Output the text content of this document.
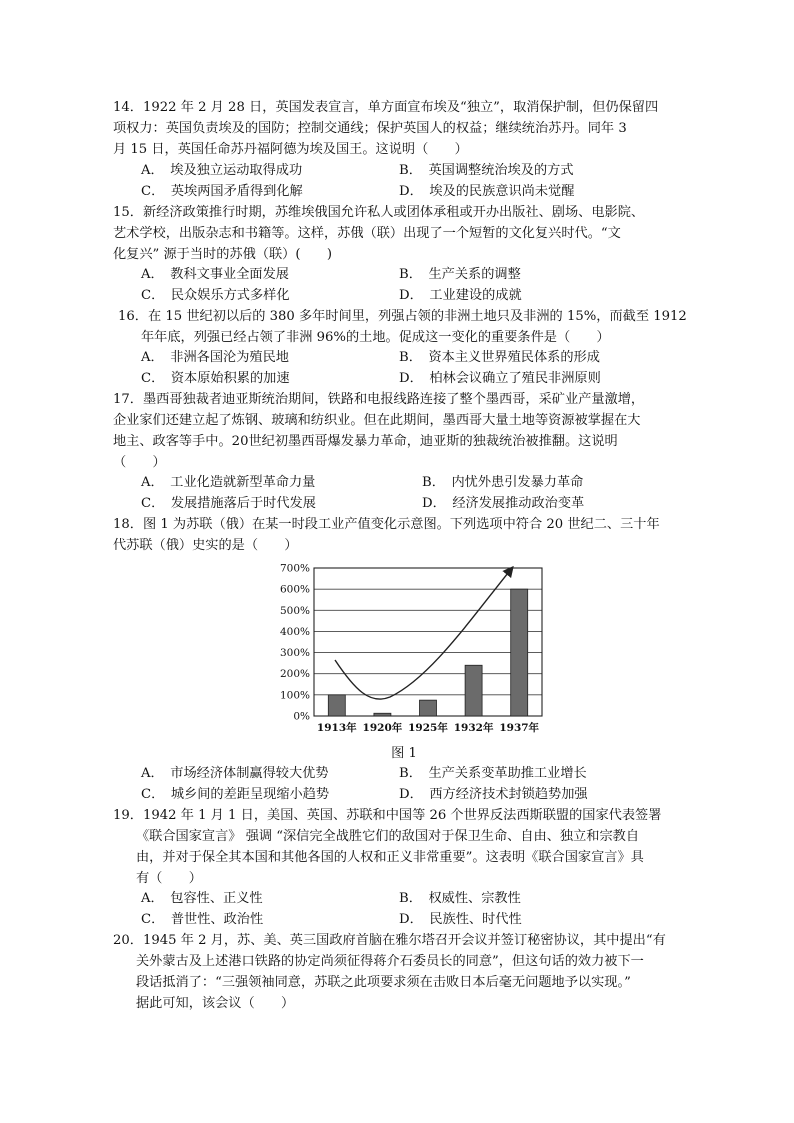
14．1922 年 2 月 28 日，英国发表宣言，单方面宣布埃及“独立”，取消保护制，但仍保留四
项权力：英国负责埃及的国防；控制交通线；保护英国人的权益；继续统治苏丹。同年 3
月 15 日，英国任命苏丹福阿德为埃及国王。这说明（　　）
A．　埃及独立运动取得成功	B．　英国调整统治埃及的方式
C．　英埃两国矛盾得到化解	D．　埃及的民族意识尚未觉醒
15．新经济政策推行时期，苏维埃俄国允许私人或团体承租或开办出版社、剧场、电影院、
艺术学校，出版杂志和书籍等。这样，苏俄（联）出现了一个短暂的文化复兴时代。“文
化复兴” 源于当时的苏俄（联）(　　)
A．　教科文事业全面发展	B．　生产关系的调整
C．　民众娱乐方式多样化	D．　工业建设的成就
16．在 15 世纪初以后的 380 多年时间里，列强占领的非洲土地只及非洲的 15%，而截至 1912
年年底，列强已经占领了非洲 96%的土地。促成这一变化的重要条件是（　　）
A．　非洲各国沦为殖民地	B．　资本主义世界殖民体系的形成
C．　资本原始积累的加速	D．　柏林会议确立了殖民非洲原则
17．墨西哥独裁者迪亚斯统治期间，铁路和电报线路连接了整个墨西哥，采矿业产量激增，
企业家们还建立起了炼钢、玻璃和纺织业。但在此期间，墨西哥大量土地等资源被掌握在大
地主、政客等手中。20世纪初墨西哥爆发暴力革命，迪亚斯的独裁统治被推翻。这说明
（　　）
A．　工业化造就新型革命力量	B．　内忧外患引发暴力革命
C．　发展措施落后于时代发展	D．　经济发展推动政治变革
18．图 1 为苏联（俄）在某一时段工业产值变化示意图。下列选项中符合 20 世纪二、三十年
代苏联（俄）史实的是（　　）
0%
100%
200%
300%
400%
500%
600%
700%
1913年 1920年 1925年 1932年 1937年
图 1
A．　市场经济体制赢得较大优势	B．　生产关系变革助推工业增长
C．　城乡间的差距呈现缩小趋势	D．　西方经济技术封锁趋势加强
19．1942 年 1 月 1 日，美国、英国、苏联和中国等 26 个世界反法西斯联盟的国家代表签署
《联合国家宣言》 强调 “深信完全战胜它们的敌国对于保卫生命、自由、独立和宗教自
由，并对于保全其本国和其他各国的人权和正义非常重要”。这表明《联合国家宣言》具
有（　　）
A．　包容性、正义性	B．　权威性、宗教性
C．　普世性、政治性	D．　民族性、时代性
20．1945 年 2 月，苏、美、英三国政府首脑在雅尔塔召开会议并签订秘密协议，其中提出“有
关外蒙古及上述港口铁路的协定尚须征得蒋介石委员长的同意”，但这句话的效力被下一
段话抵消了：“三强领袖同意，苏联之此项要求须在击败日本后毫无问题地予以实现。”
据此可知，该会议（　　）
